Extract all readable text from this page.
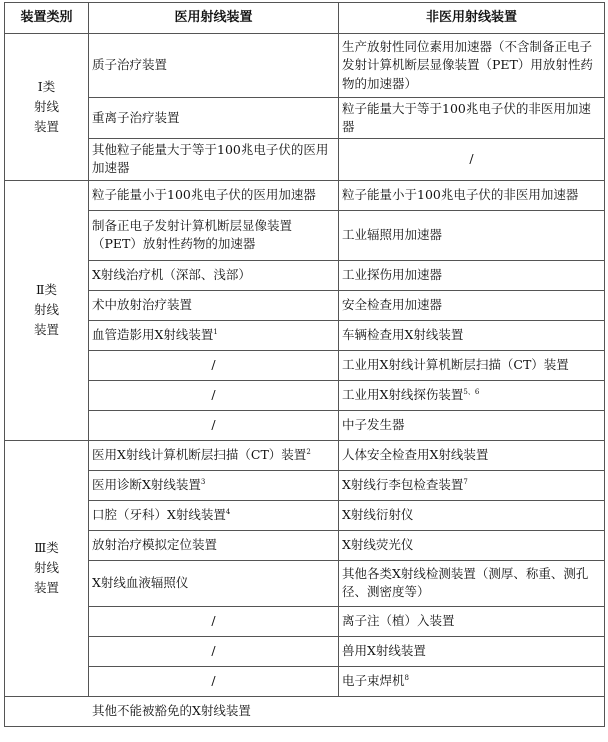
装置类别	医用射线装置	非医用射线装置

Ⅰ类
射线
装置	质子治疗装置	生产放射性同位素用加速器（不含制备正电子发射计算机断层显像装置（PET）用放射性药物的加速器）
	重离子治疗装置	粒子能量大于等于100兆电子伏的非医用加速器
	其他粒子能量大于等于100兆电子伏的医用加速器	/

Ⅱ类
射线
装置	粒子能量小于100兆电子伏的医用加速器	粒子能量小于100兆电子伏的非医用加速器
	制备正电子发射计算机断层显像装置（PET）放射性药物的加速器	工业辐照用加速器
	X射线治疗机（深部、浅部）	工业探伤用加速器
	术中放射治疗装置	安全检查用加速器
	血管造影用X射线装置$^1$	车辆检查用X射线装置
	/	工业用X射线计算机断层扫描（CT）装置
	/	工业用X射线探伤装置$^{5、6}$
	/	中子发生器

Ⅲ类
射线
装置	医用X射线计算机断层扫描（CT）装置$^2$	人体安全检查用X射线装置
	医用诊断X射线装置$^3$	X射线行李包检查装置$^7$
	口腔（牙科）X射线装置$^4$	X射线衍射仪
	放射治疗模拟定位装置	X射线荧光仪
	X射线血液辐照仪	其他各类X射线检测装置（测厚、称重、测孔径、测密度等）
	/	离子注（植）入装置
	/	兽用X射线装置
	/	电子束焊机$^8$
其他不能被豁免的X射线装置		
